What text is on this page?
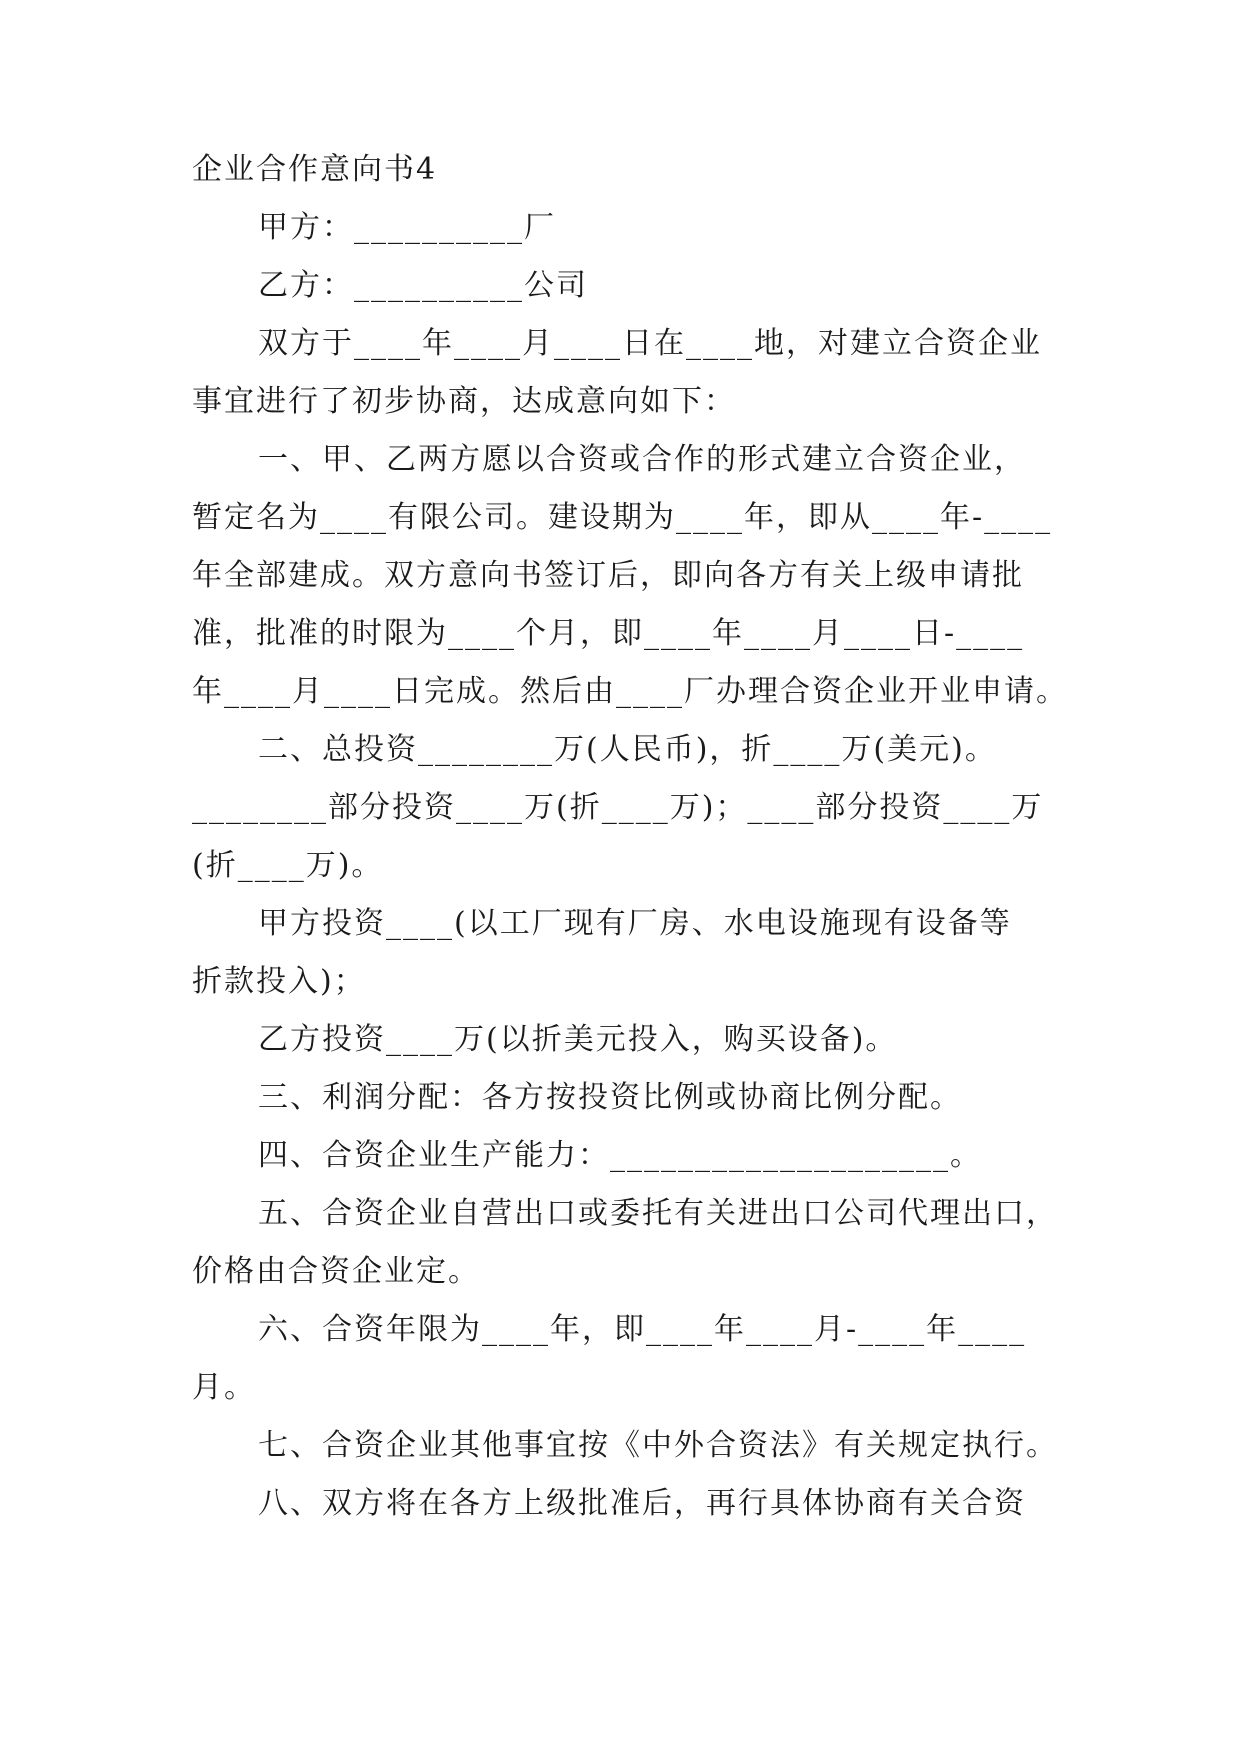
企业合作意向书4
甲方：__________厂
乙方：__________公司
双方于____年____月____日在____地，对建立合资企业
事宜进行了初步协商，达成意向如下：
一、甲、乙两方愿以合资或合作的形式建立合资企业，
暂定名为____有限公司。建设期为____年，即从____年-____
年全部建成。双方意向书签订后，即向各方有关上级申请批
准，批准的时限为____个月，即____年____月____日-____
年____月____日完成。然后由____厂办理合资企业开业申请。
二、总投资________万(人民币)，折____万(美元)。
________部分投资____万(折____万)；____部分投资____万
(折____万)。
甲方投资____(以工厂现有厂房、水电设施现有设备等
折款投入)；
乙方投资____万(以折美元投入，购买设备)。
三、利润分配：各方按投资比例或协商比例分配。
四、合资企业生产能力：____________________。
五、合资企业自营出口或委托有关进出口公司代理出口，
价格由合资企业定。
六、合资年限为____年，即____年____月-____年____
月。
七、合资企业其他事宜按《中外合资法》有关规定执行。
八、双方将在各方上级批准后，再行具体协商有关合资
